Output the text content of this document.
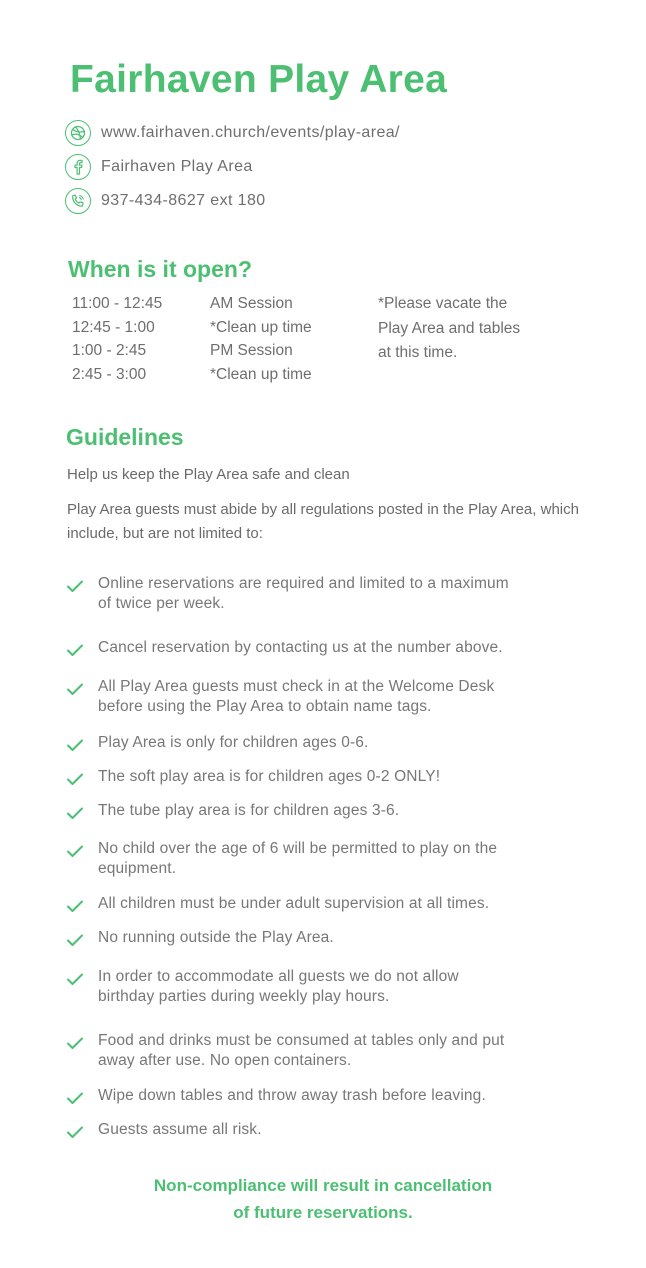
Fairhaven Play Area
www.fairhaven.church/events/play-area/
Fairhaven Play Area
937-434-8627 ext 180
When is it open?
11:00 - 12:45	AM Session
12:45 - 1:00	*Clean up time
1:00 - 2:45	PM Session
2:45 - 3:00	*Clean up time
*Please vacate the
Play Area and tables
at this time.
Guidelines

Help us keep the Play Area safe and clean

Play Area guests must abide by all regulations posted in the Play Area, which include, but are not limited to:

Online reservations are required and limited to a maximum
of twice per week.
Cancel reservation by contacting us at the number above.
All Play Area guests must check in at the Welcome Desk
before using the Play Area to obtain name tags.
Play Area is only for children ages 0-6.
The soft play area is for children ages 0-2 ONLY!
The tube play area is for children ages 3-6.
No child over the age of 6 will be permitted to play on the
equipment.
All children must be under adult supervision at all times.
No running outside the Play Area.
In order to accommodate all guests we do not allow
birthday parties during weekly play hours.
Food and drinks must be consumed at tables only and put
away after use. No open containers.
Wipe down tables and throw away trash before leaving.
Guests assume all risk.
Non-compliance will result in cancellation
of future reservations.
